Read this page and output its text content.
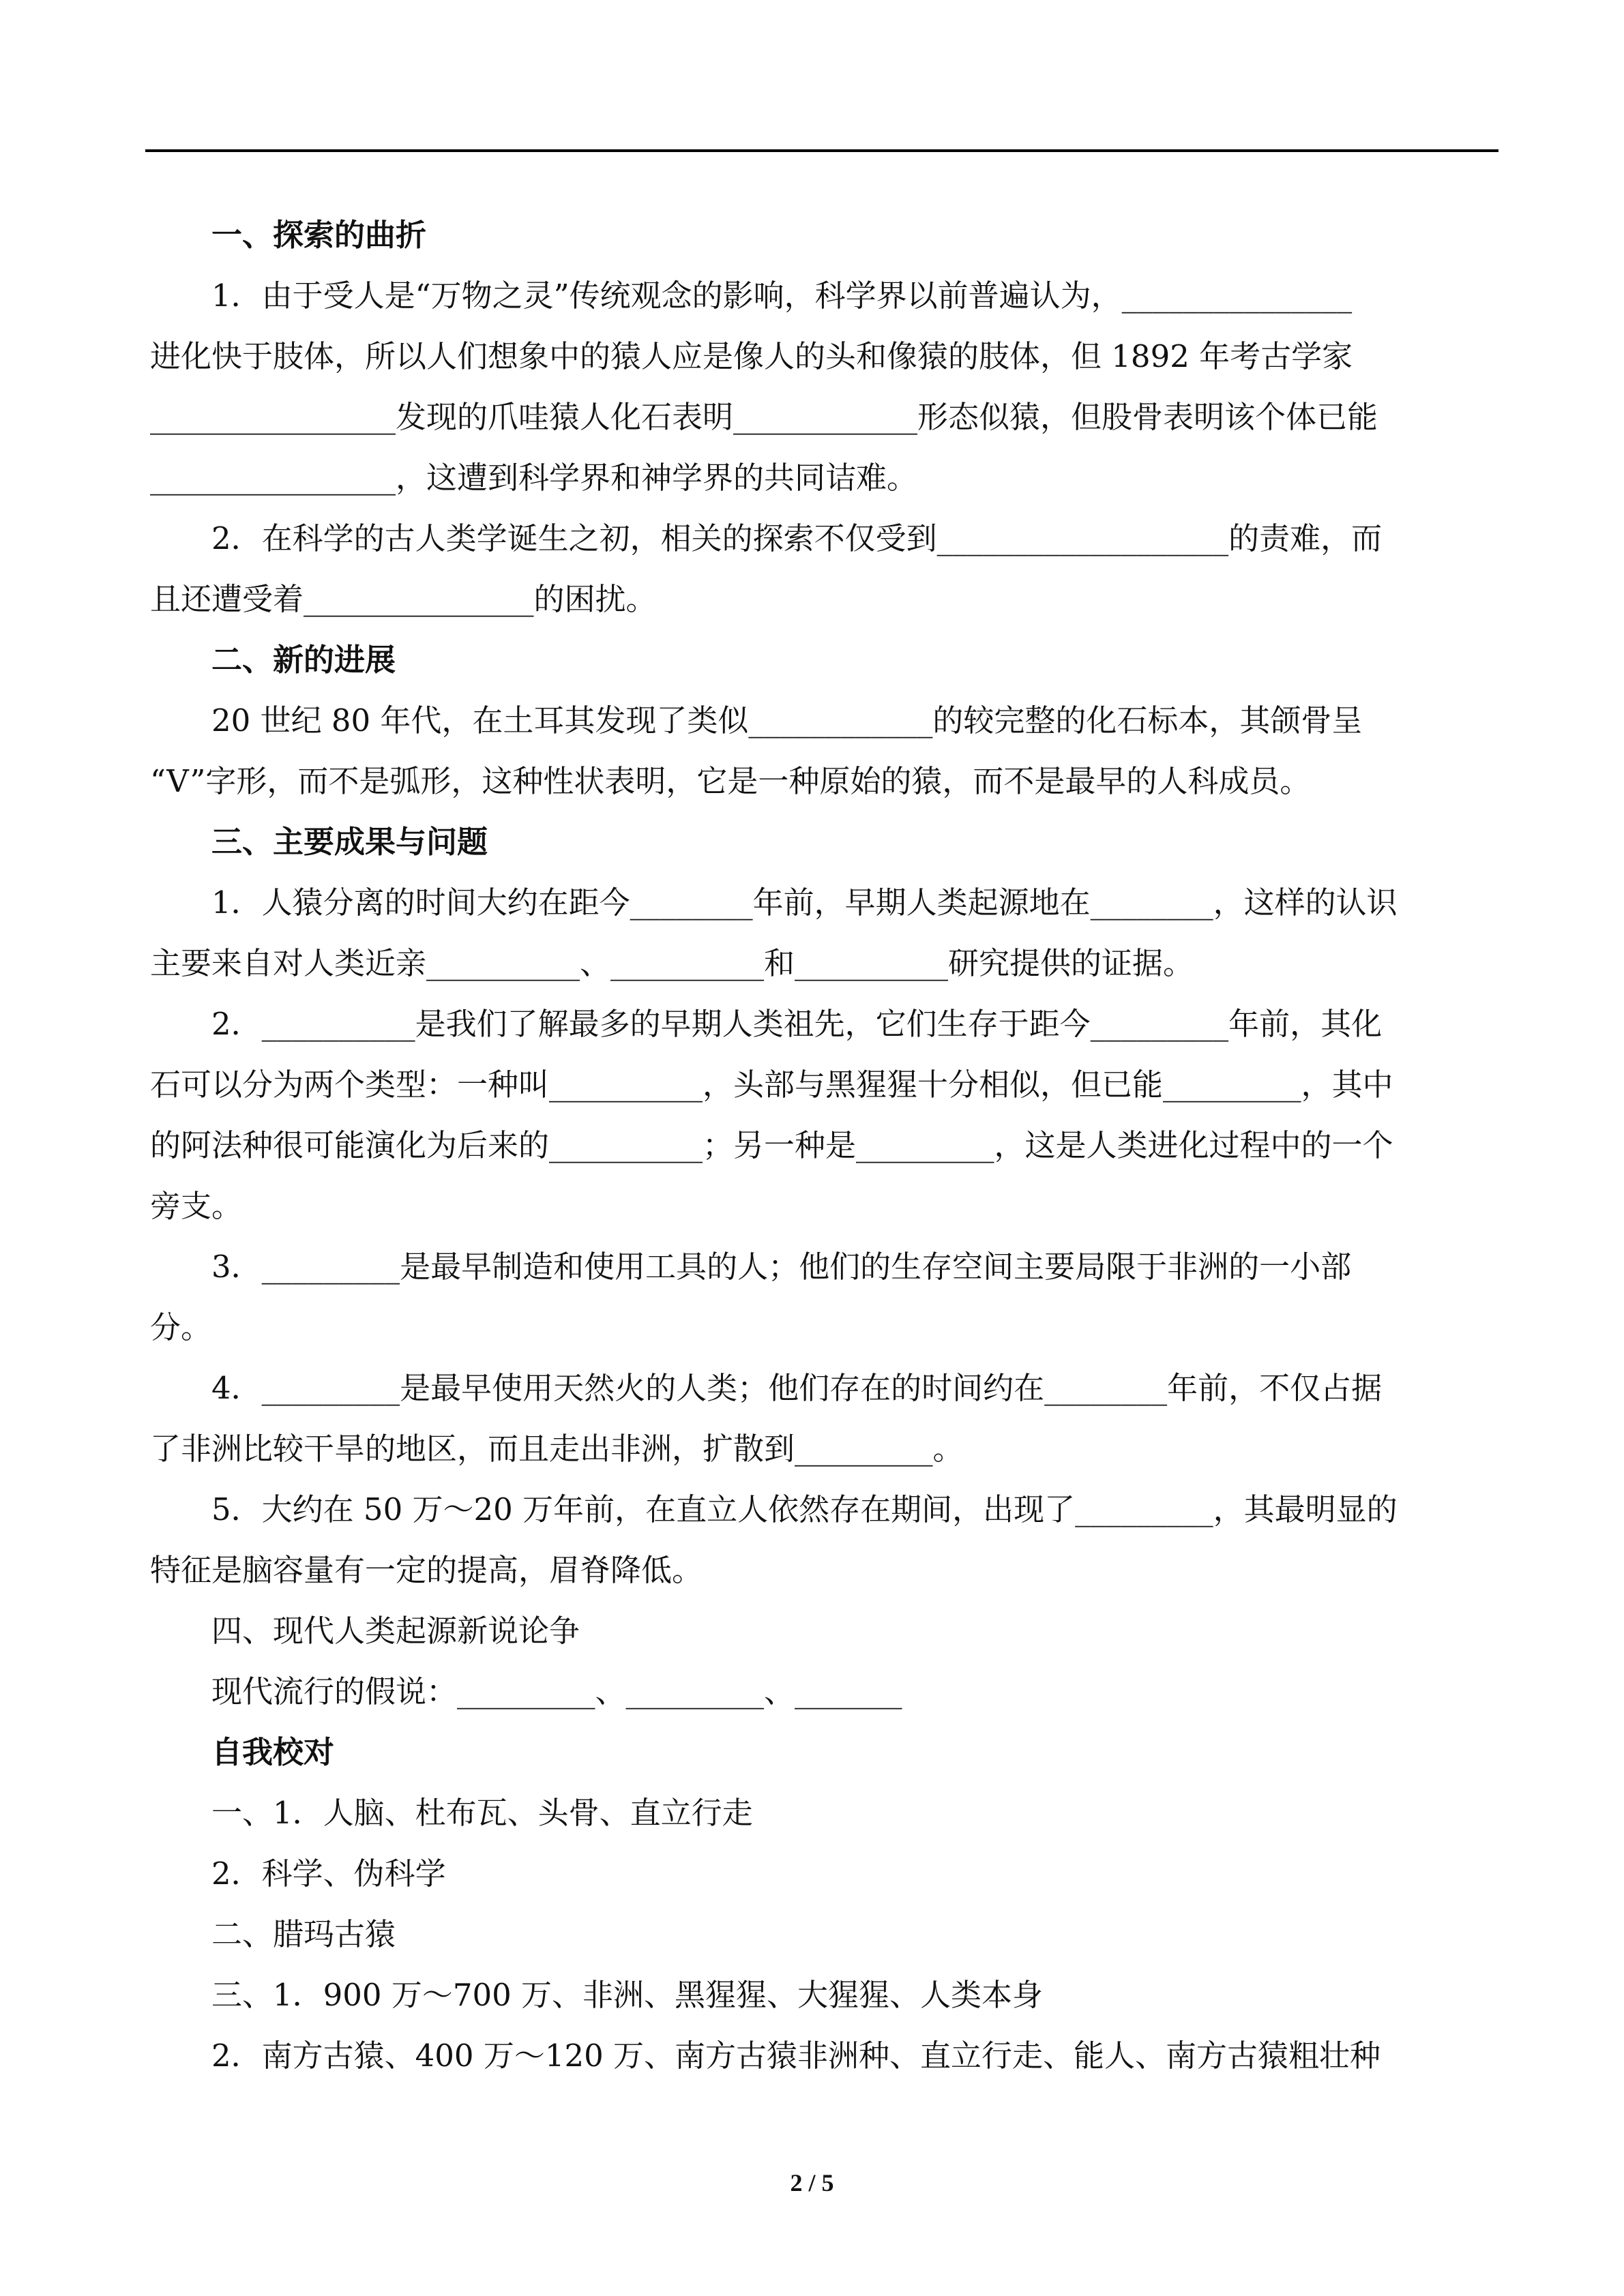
一、探索的曲折

1．由于受人是“万物之灵”传统观念的影响，科学界以前普遍认为，_______________

进化快于肢体，所以人们想象中的猿人应是像人的头和像猿的肢体，但 1892 年考古学家

________________发现的爪哇猿人化石表明____________形态似猿，但股骨表明该个体已能

________________，这遭到科学界和神学界的共同诘难。

2．在科学的古人类学诞生之初，相关的探索不仅受到___________________的责难，而

且还遭受着_______________的困扰。

二、新的进展

20 世纪 80 年代，在土耳其发现了类似____________的较完整的化石标本，其颌骨呈

“V”字形，而不是弧形，这种性状表明，它是一种原始的猿，而不是最早的人科成员。

三、主要成果与问题

1．人猿分离的时间大约在距今________年前，早期人类起源地在________，这样的认识

主要来自对人类近亲__________、__________和__________研究提供的证据。

2．__________是我们了解最多的早期人类祖先，它们生存于距今_________年前，其化

石可以分为两个类型：一种叫__________，头部与黑猩猩十分相似，但已能_________，其中

的阿法种很可能演化为后来的__________；另一种是_________，这是人类进化过程中的一个

旁支。

3．_________是最早制造和使用工具的人；他们的生存空间主要局限于非洲的一小部

分。

4．_________是最早使用天然火的人类；他们存在的时间约在________年前，不仅占据

了非洲比较干旱的地区，而且走出非洲，扩散到_________。

5．大约在 50 万～20 万年前，在直立人依然存在期间，出现了_________，其最明显的

特征是脑容量有一定的提高，眉脊降低。

四、现代人类起源新说论争

现代流行的假说：_________、_________、_______

自我校对

一、1．人脑、杜布瓦、头骨、直立行走

2．科学、伪科学

二、腊玛古猿

三、1．900 万～700 万、非洲、黑猩猩、大猩猩、人类本身

2．南方古猿、400 万～120 万、南方古猿非洲种、直立行走、能人、南方古猿粗壮种

2 / 5
